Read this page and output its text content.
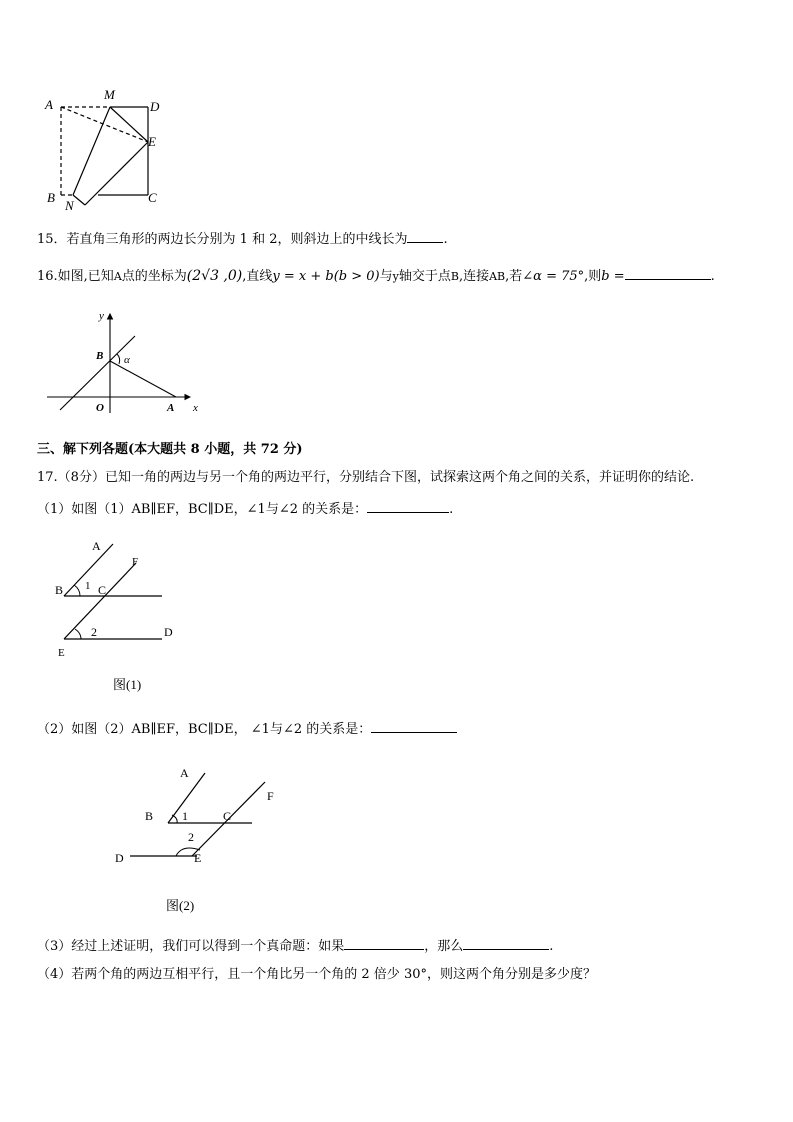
A
M
D
E
B
N
C
15．若直角三角形的两边长分别为 1 和 2，则斜边上的中线长为	.
16.如图,已知A点的坐标为(2√3 ,0),直线y = x + b(b > 0)与y轴交于点B,连接AB,若∠α = 75°,则b =	.
y
B α
O	A x
三、解下列各题(本大题共 8 小题，共 72 分)
17.（8分）已知一角的两边与另一个角的两边平行，分别结合下图，试探索这两个角之间的关系，并证明你的结论.
（1）如图（1）AB∥EF，BC∥DE，∠1与∠2 的关系是：	.
A
F
B 1 C
2	D
E
图(1)
（2）如图（2）AB∥EF，BC∥DE， ∠1与∠2 的关系是：
A
F
B 1	C
2
D	E
图(2)
（3）经过上述证明，我们可以得到一个真命题：如果	，那么	.
（4）若两个角的两边互相平行，且一个角比另一个角的 2 倍少 30°，则这两个角分别是多少度？
